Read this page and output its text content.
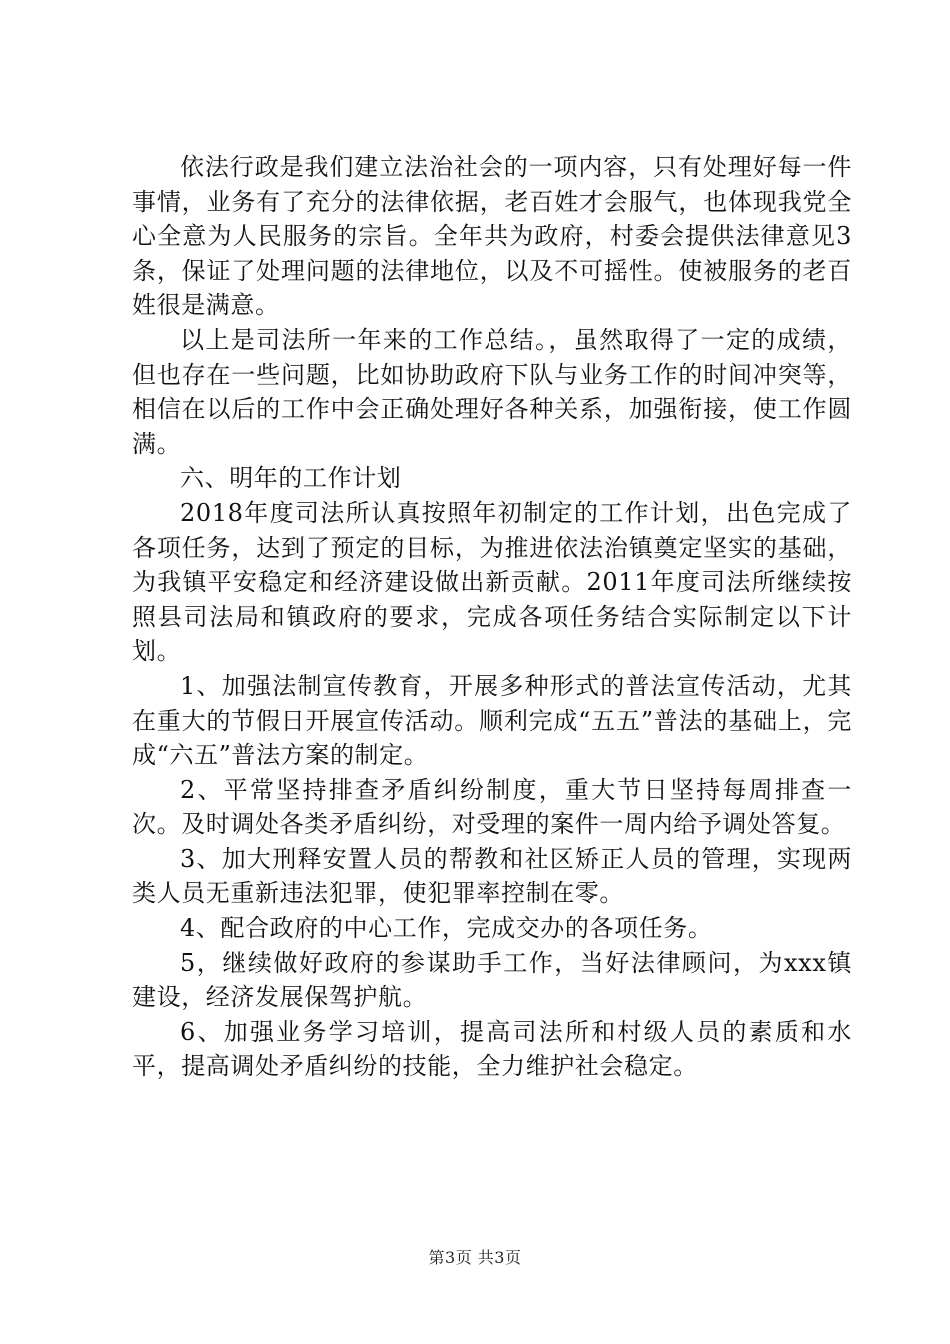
依法行政是我们建立法治社会的一项内容，只有处理好每一件事情，业务有了充分的法律依据，老百姓才会服气，也体现我党全心全意为人民服务的宗旨。全年共为政府，村委会提供法律意见3条，保证了处理问题的法律地位，以及不可摇性。使被服务的老百姓很是满意。

以上是司法所一年来的工作总结。，虽然取得了一定的成绩，但也存在一些问题，比如协助政府下队与业务工作的时间冲突等，相信在以后的工作中会正确处理好各种关系，加强衔接，使工作圆满。

六、明年的工作计划

2018年度司法所认真按照年初制定的工作计划，出色完成了各项任务，达到了预定的目标，为推进依法治镇奠定坚实的基础，为我镇平安稳定和经济建设做出新贡献。2011年度司法所继续按照县司法局和镇政府的要求，完成各项任务结合实际制定以下计划。

1、加强法制宣传教育，开展多种形式的普法宣传活动，尤其在重大的节假日开展宣传活动。顺利完成“五五”普法的基础上，完成“六五”普法方案的制定。

2、平常坚持排查矛盾纠纷制度，重大节日坚持每周排查一次。及时调处各类矛盾纠纷，对受理的案件一周内给予调处答复。

3、加大刑释安置人员的帮教和社区矫正人员的管理，实现两类人员无重新违法犯罪，使犯罪率控制在零。

4、配合政府的中心工作，完成交办的各项任务。

5，继续做好政府的参谋助手工作，当好法律顾问，为xxx镇建设，经济发展保驾护航。

6、加强业务学习培训，提高司法所和村级人员的素质和水平，提高调处矛盾纠纷的技能，全力维护社会稳定。

第3页 共3页
